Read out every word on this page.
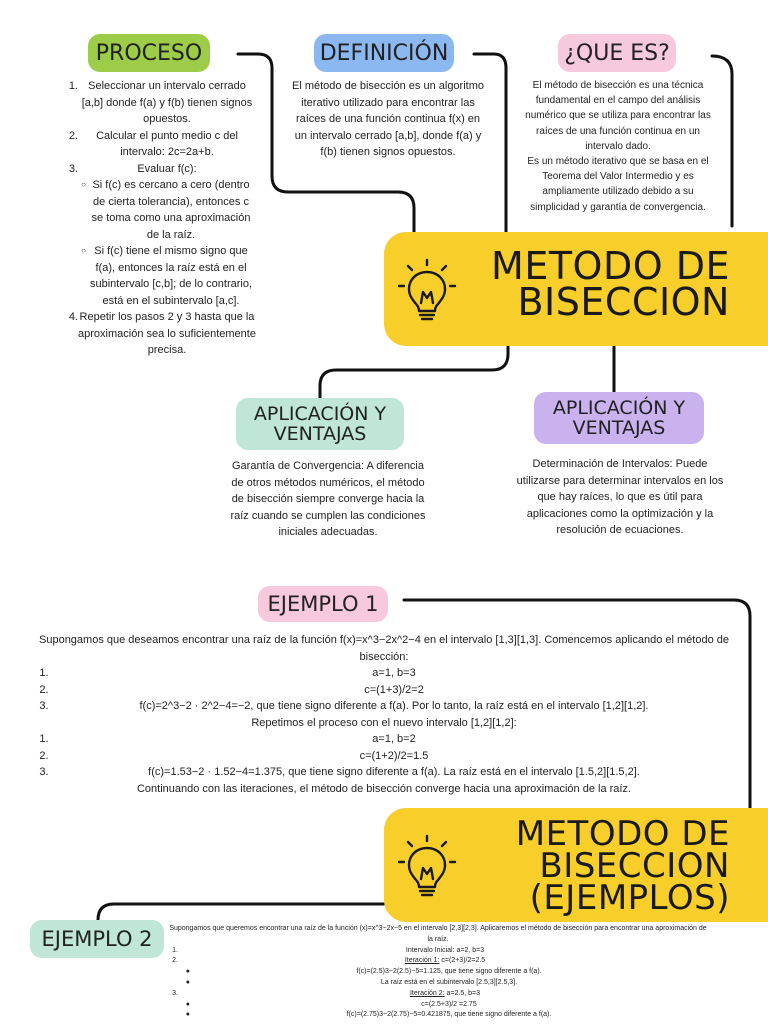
PROCESO
1. Seleccionar un intervalo cerrado [a,b] donde f(a) y f(b) tienen signos opuestos.
2.	Calcular el punto medio c del intervalo: 2c=2a+b.
3.	Evaluar f(c):
○ Si f(c) es cercano a cero (dentro de cierta tolerancia), entonces c se toma como una aproximación de la raíz.
○ Si f(c) tiene el mismo signo que f(a), entonces la raíz está en el subintervalo [c,b]; de lo contrario, está en el subintervalo [a,c].
4. Repetir los pasos 2 y 3 hasta que la aproximación sea lo suficientemente precisa.
DEFINICIÓN
El método de bisección es un algoritmo iterativo utilizado para encontrar las raíces de una función continua f(x) en un intervalo cerrado [a,b], donde f(a) y f(b) tienen signos opuestos.
¿QUE ES?
El método de bisección es una técnica fundamental en el campo del análisis numérico que se utiliza para encontrar las raíces de una función continua en un intervalo dado.
Es un método iterativo que se basa en el Teorema del Valor Intermedio y es ampliamente utilizado debido a su simplicidad y garantía de convergencia.
METODO DE
BISECCION
APLICACIÓN Y
VENTAJAS
Garantía de Convergencia: A diferencia de otros métodos numéricos, el método de bisección siempre converge hacia la raíz cuando se cumplen las condiciones iniciales adecuadas.
APLICACIÓN Y
VENTAJAS
Determinación de Intervalos: Puede utilizarse para determinar intervalos en los que hay raíces, lo que es útil para aplicaciones como la optimización y la resolución de ecuaciones.
EJEMPLO 1
Supongamos que deseamos encontrar una raíz de la función f(x)=x^3−2x^2−4 en el intervalo [1,3][1,3]. Comencemos aplicando el método de bisección:
1.	a=1, b=3
2.	c=(1+3)/2=2
3.	f(c)=2^3−2 · 2^2−4=−2, que tiene signo diferente a f(a). Por lo tanto, la raíz está en el intervalo [1,2][1,2].
Repetimos el proceso con el nuevo intervalo [1,2][1,2]:
1.	a=1, b=2
2.	c=(1+2)/2=1.5
3.	f(c)=1.53−2 · 1.52−4=1.375, que tiene signo diferente a f(a). La raíz está en el intervalo [1.5,2][1.5,2].
Continuando con las iteraciones, el método de bisección converge hacia una aproximación de la raíz.
METODO DE
BISECCION
(EJEMPLOS)
EJEMPLO 2	Supongamos que queremos encontrar una raíz de la función (x)=x^3−2x−5 en el intervalo [2,3][2,3]. Aplicaremos el método de bisección para encontrar una aproximación de la raíz.
1.	Intervalo Inicial: a=2, b=3
2.	Iteración 1: c=(2+3)/2=2.5
●	f(c)=(2.5)3−2(2.5)−5=1.125, que tiene signo diferente a f(a).
●	La raíz está en el subintervalo [2.5,3][2.5,3].
3.	Iteración 2: a=2.5, b=3
●	c=(2.5+3)/2 =2.75
●	f(c)=(2.75)3−2(2.75)−5=0.421875, que tiene signo diferente a f(a).
